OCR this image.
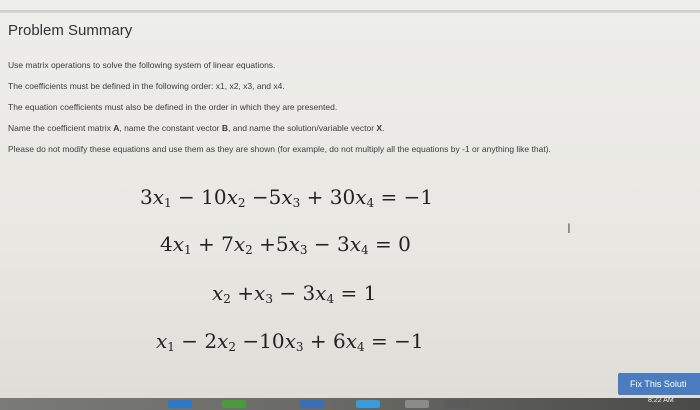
Problem Summary
Use matrix operations to solve the following system of linear equations.
The coefficients must be defined in the following order: x1, x2, x3, and x4.
The equation coefficients must also be defined in the order in which they are presented.
Name the coefficient matrix A, name the constant vector B, and name the solution/variable vector X.
Please do not modify these equations and use them as they are shown (for example, do not multiply all the equations by -1 or anything like that).
$3x_1 - 10x_2 -5x_3 + 30x_4 = -1$
$4x_1 + 7x_2 +5x_3 - 3x_4 = 0$
$x_2 +x_3 - 3x_4 = 1$
$x_1 - 2x_2 -10x_3 + 6x_4 = -1$
I
Fix This Soluti
8:22 AM
